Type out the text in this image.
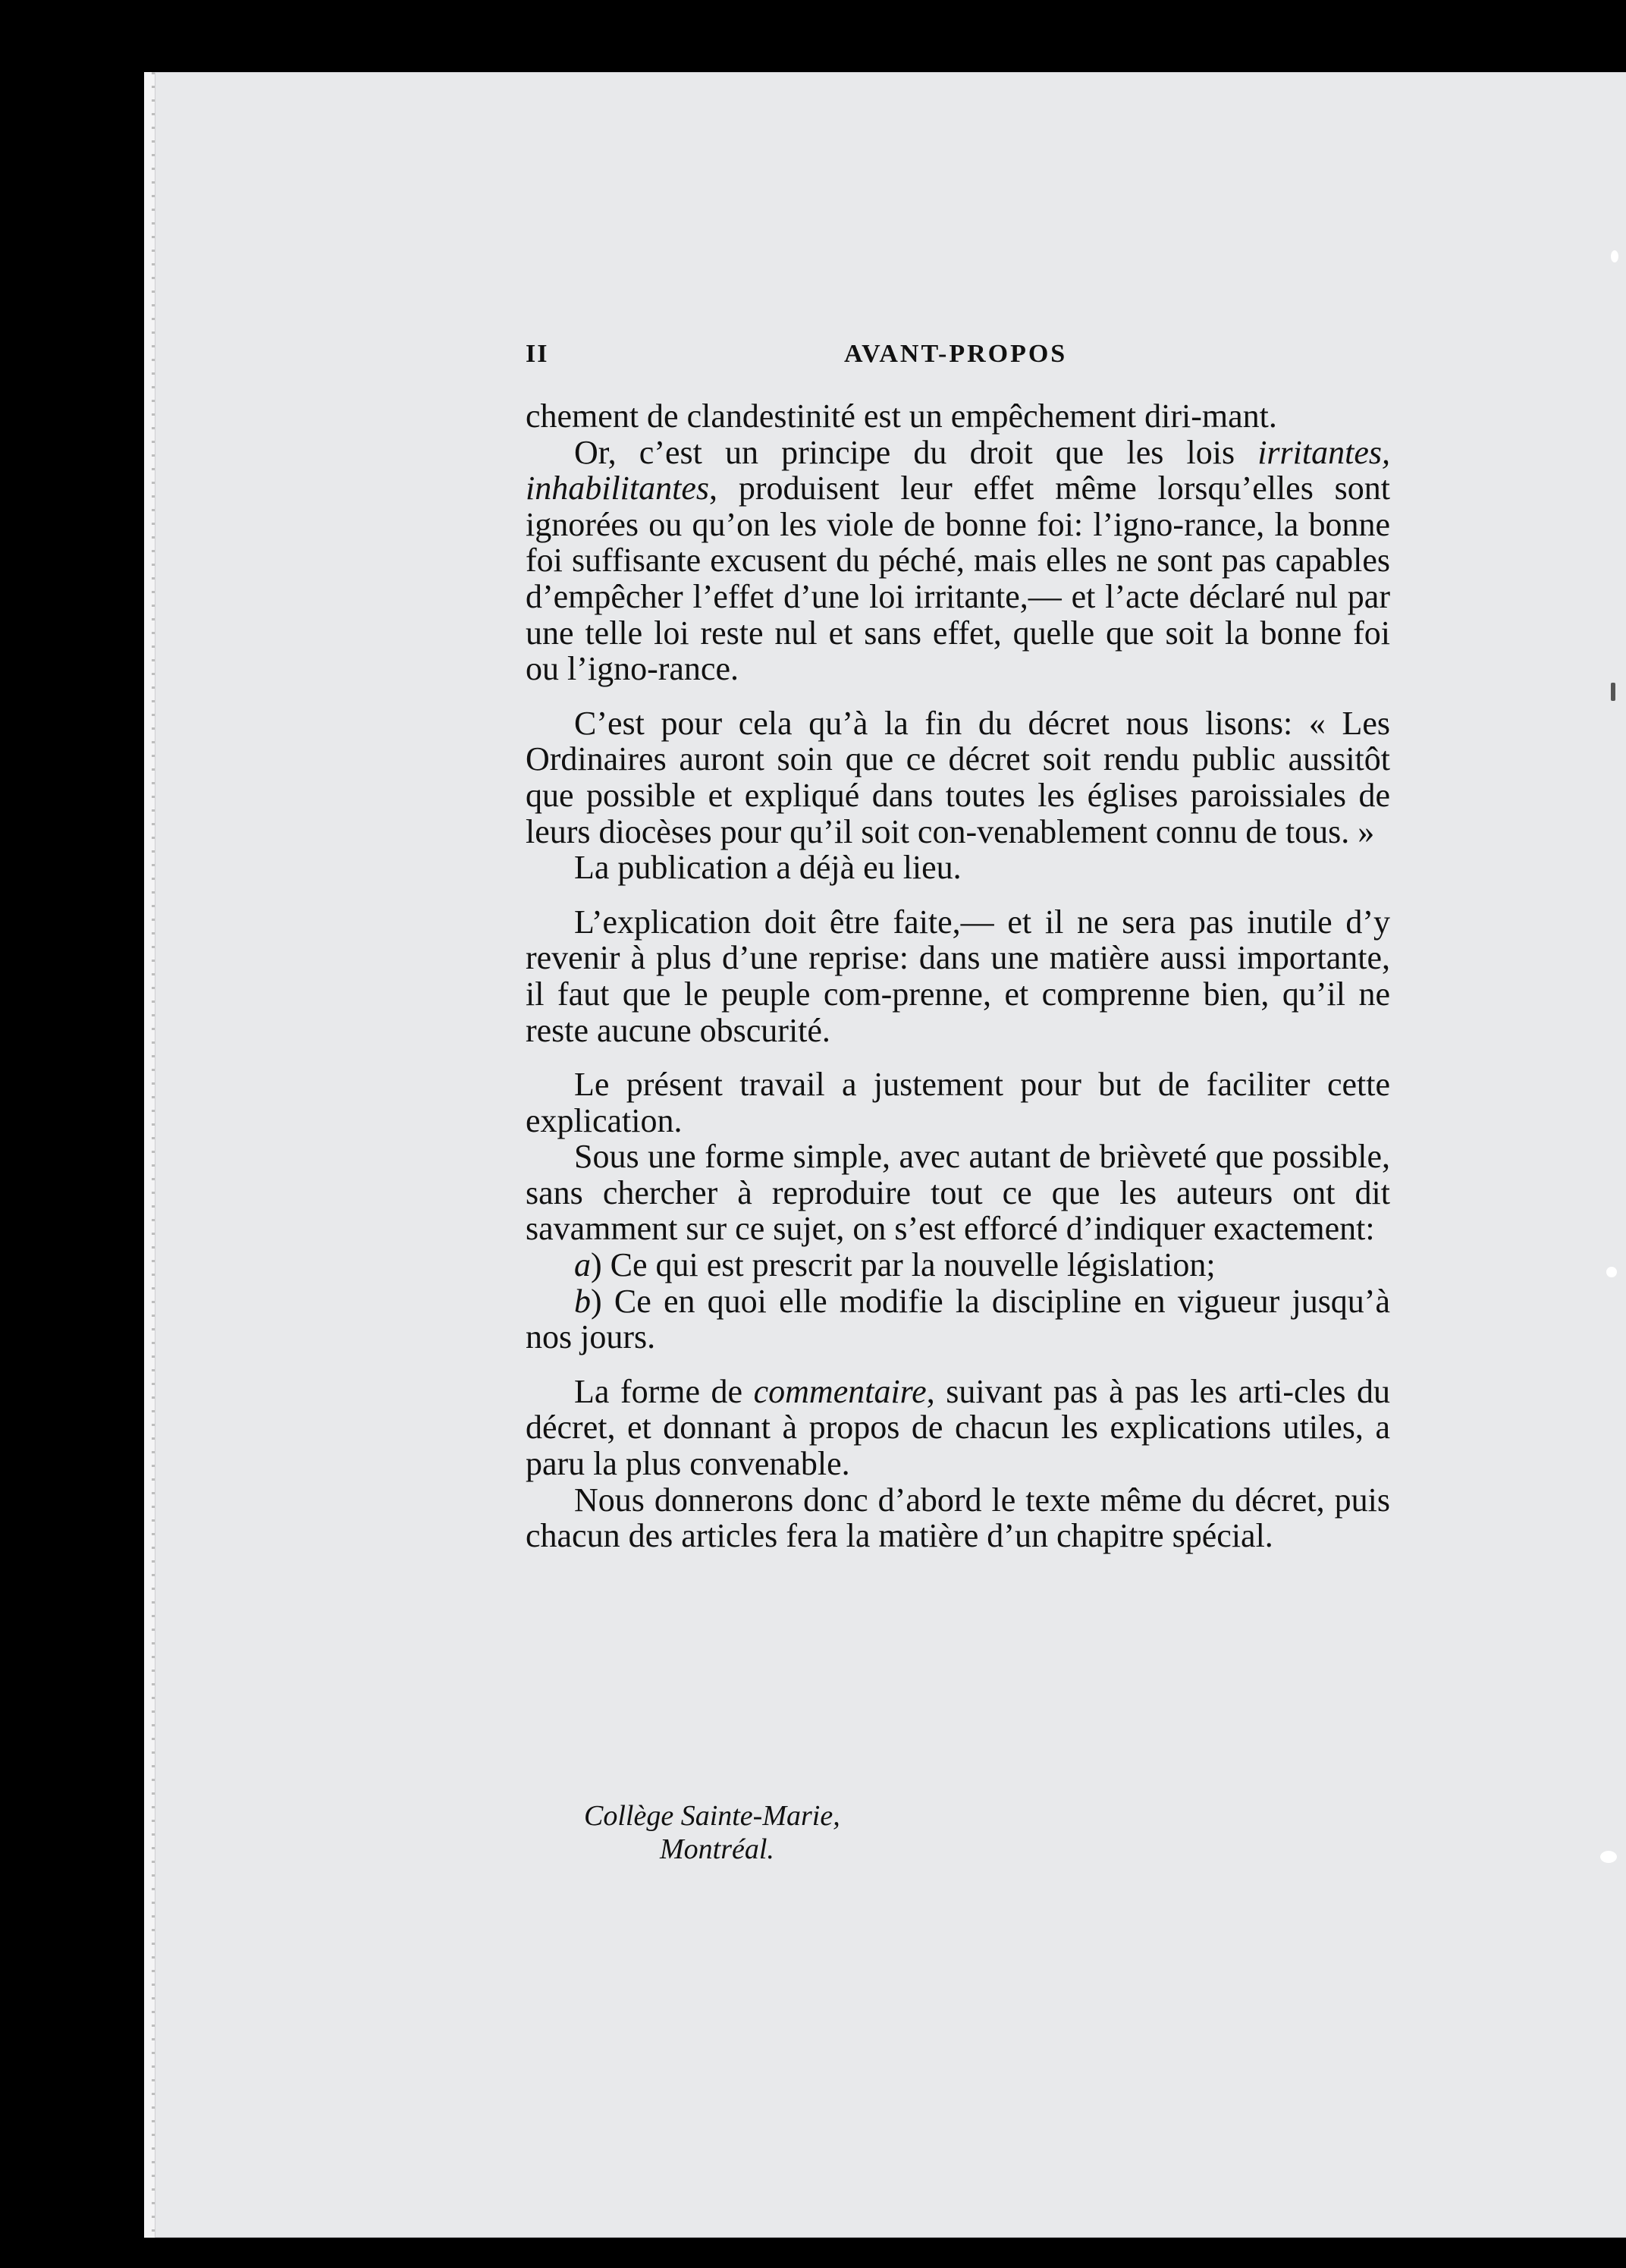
II	AVANT-PROPOS

chement de clandestinité est un empêchement diri-mant.

Or, c’est un principe du droit que les lois irritantes, inhabilitantes, produisent leur effet même lorsqu’elles sont ignorées ou qu’on les viole de bonne foi: l’igno-rance, la bonne foi suffisante excusent du péché, mais elles ne sont pas capables d’empêcher l’effet d’une loi irritante,— et l’acte déclaré nul par une telle loi reste nul et sans effet, quelle que soit la bonne foi ou l’igno-rance.

C’est pour cela qu’à la fin du décret nous lisons: « Les Ordinaires auront soin que ce décret soit rendu public aussitôt que possible et expliqué dans toutes les églises paroissiales de leurs diocèses pour qu’il soit con-venablement connu de tous. »

La publication a déjà eu lieu.

L’explication doit être faite,— et il ne sera pas inutile d’y revenir à plus d’une reprise: dans une matière aussi importante, il faut que le peuple com-prenne, et comprenne bien, qu’il ne reste aucune obscurité.

Le présent travail a justement pour but de faciliter cette explication.

Sous une forme simple, avec autant de brièveté que possible, sans chercher à reproduire tout ce que les auteurs ont dit savamment sur ce sujet, on s’est efforcé d’indiquer exactement:

a) Ce qui est prescrit par la nouvelle législation;

b) Ce en quoi elle modifie la discipline en vigueur jusqu’à nos jours.

La forme de commentaire, suivant pas à pas les arti-cles du décret, et donnant à propos de chacun les explications utiles, a paru la plus convenable.

Nous donnerons donc d’abord le texte même du décret, puis chacun des articles fera la matière d’un chapitre spécial.

Collège Sainte-Marie,
Montréal.
